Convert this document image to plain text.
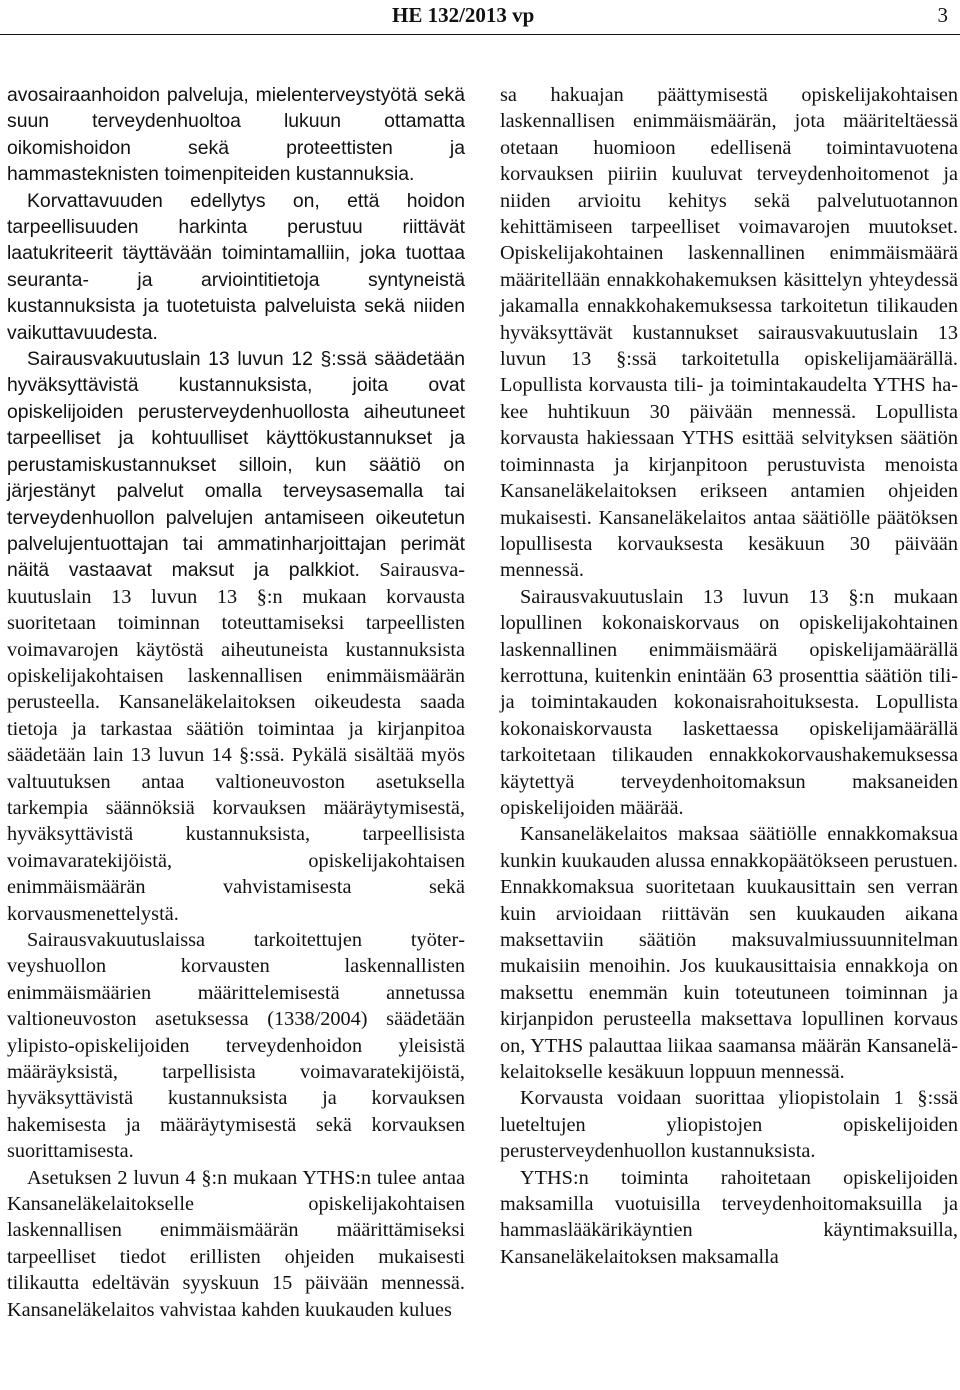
HE 132/2013 vp	3

avosairaanhoidon palveluja, mielenterveystyötä sekä suun terveydenhuoltoa lukuun ottamatta oikomishoidon sekä proteettisten ja hammasteknisten toimenpiteiden kustannuksia.

Korvattavuuden edellytys on, että hoidon tarpeellisuuden harkinta perustuu riittävät laatukriteerit täyttävään toimintamalliin, joka tuottaa seuranta- ja arviointitietoja syntyneistä kustannuksista ja tuotetuista palveluista sekä niiden vaikuttavuudesta.

Sairausvakuutuslain 13 luvun 12 §:ssä säädetään hyväksyttävistä kustannuksista, joita ovat opiskelijoiden perusterveydenhuollosta aiheutuneet tarpeelliset ja kohtuulliset käyttökustannukset ja perustamiskustannukset silloin, kun säätiö on järjestänyt palvelut omalla terveysasemalla tai terveydenhuollon palvelujen antamiseen oikeutetun palvelujentuottajan tai ammatinharjoittajan perimät näitä vastaavat maksut ja palkkiot. Sairausvakuutuslain 13 luvun 13 §:n mukaan korvausta suoritetaan toiminnan toteuttamiseksi tarpeellisten voimavarojen käytöstä aiheutuneista kustannuksista opiskelijakohtaisen laskennallisen enimmäismäärän perusteella. Kansaneläkelaitoksen oikeudesta saada tietoja ja tarkastaa säätiön toimintaa ja kirjanpitoa säädetään lain 13 luvun 14 §:ssä. Pykälä sisältää myös valtuutuksen antaa valtioneuvoston asetuksella tarkempia säännöksiä korvauksen määräytymisestä, hyväksyttävistä kustannuksista, tarpeellisista voimavaratekijöistä, opiskelijakohtaisen enimmäismäärän vahvistamisesta sekä korvausmenettelystä.

Sairausvakuutuslaissa tarkoitettujen työterveyshuollon korvausten laskennallisten enimmäismäärien määrittelemisestä annetussa valtioneuvoston asetuksessa (1338/2004) säädetään ylipisto-opiskelijoiden terveydenhoidon yleisistä määräyksistä, tarpellisista voimavaratekijöistä, hyväksyttävistä kustannuksista ja korvauksen hakemisesta ja määräytymisestä sekä korvauksen suorittamisesta.

Asetuksen 2 luvun 4 §:n mukaan YTHS:n tulee antaa Kansaneläkelaitokselle opiskelijakohtaisen laskennallisen enimmäismäärän määrittämiseksi tarpeelliset tiedot erillisten ohjeiden mukaisesti tilikautta edeltävän syyskuun 15 päivään mennessä. Kansaneläkelaitos vahvistaa kahden kuukauden kulues

sa hakuajan päättymisestä opiskelijakohtaisen laskennallisen enimmäismäärän, jota määriteltäessä otetaan huomioon edellisenä toimintavuotena korvauksen piiriin kuuluvat terveydenhoitomenot ja niiden arvioitu kehitys sekä palvelutuotannon kehittämiseen tarpeelliset voimavarojen muutokset. Opiskelijakohtainen laskennallinen enimmäismäärä määritellään ennakkohakemuksen käsittelyn yhteydessä jakamalla ennakkohakemuksessa tarkoitetun tilikauden hyväksyttävät kustannukset sairausvakuutuslain 13 luvun 13 §:ssä tarkoitetulla opiskelijamäärällä. Lopullista korvausta tili- ja toimintakaudelta YTHS hakee huhtikuun 30 päivään mennessä. Lopullista korvausta hakiessaan YTHS esittää selvityksen säätiön toiminnasta ja kirjanpitoon perustuvista menoista Kansaneläkelaitoksen erikseen antamien ohjeiden mukaisesti. Kansaneläkelaitos antaa säätiölle päätöksen lopullisesta korvauksesta kesäkuun 30 päivään mennessä.

Sairausvakuutuslain 13 luvun 13 §:n mukaan lopullinen kokonaiskorvaus on opiskelijakohtainen laskennallinen enimmäismäärä opiskelijamäärällä kerrottuna, kuitenkin enintään 63 prosenttia säätiön tili- ja toimintakauden kokonaisrahoituksesta. Lopullista kokonaiskorvausta laskettaessa opiskelijamäärällä tarkoitetaan tilikauden ennakkokorvaushakemuksessa käytettyä terveydenhoitomaksun maksaneiden opiskelijoiden määrää.

Kansaneläkelaitos maksaa säätiölle ennakkomaksua kunkin kuukauden alussa ennakkopäätökseen perustuen. Ennakkomaksua suoritetaan kuukausittain sen verran kuin arvioidaan riittävän sen kuukauden aikana maksettaviin säätiön maksuvalmiussuunnitelman mukaisiin menoihin. Jos kuukausittaisia ennakkoja on maksettu enemmän kuin toteutuneen toiminnan ja kirjanpidon perusteella maksettava lopullinen korvaus on, YTHS palauttaa liikaa saamansa määrän Kansaneläkelaitokselle kesäkuun loppuun mennessä.

Korvausta voidaan suorittaa yliopistolain 1 §:ssä lueteltujen yliopistojen opiskelijoiden perusterveydenhuollon kustannuksista.

YTHS:n toiminta rahoitetaan opiskelijoiden maksamilla vuotuisilla terveydenhoitomaksuilla ja hammaslääkärikäyntien käyntimaksuilla, Kansaneläkelaitoksen maksamalla
